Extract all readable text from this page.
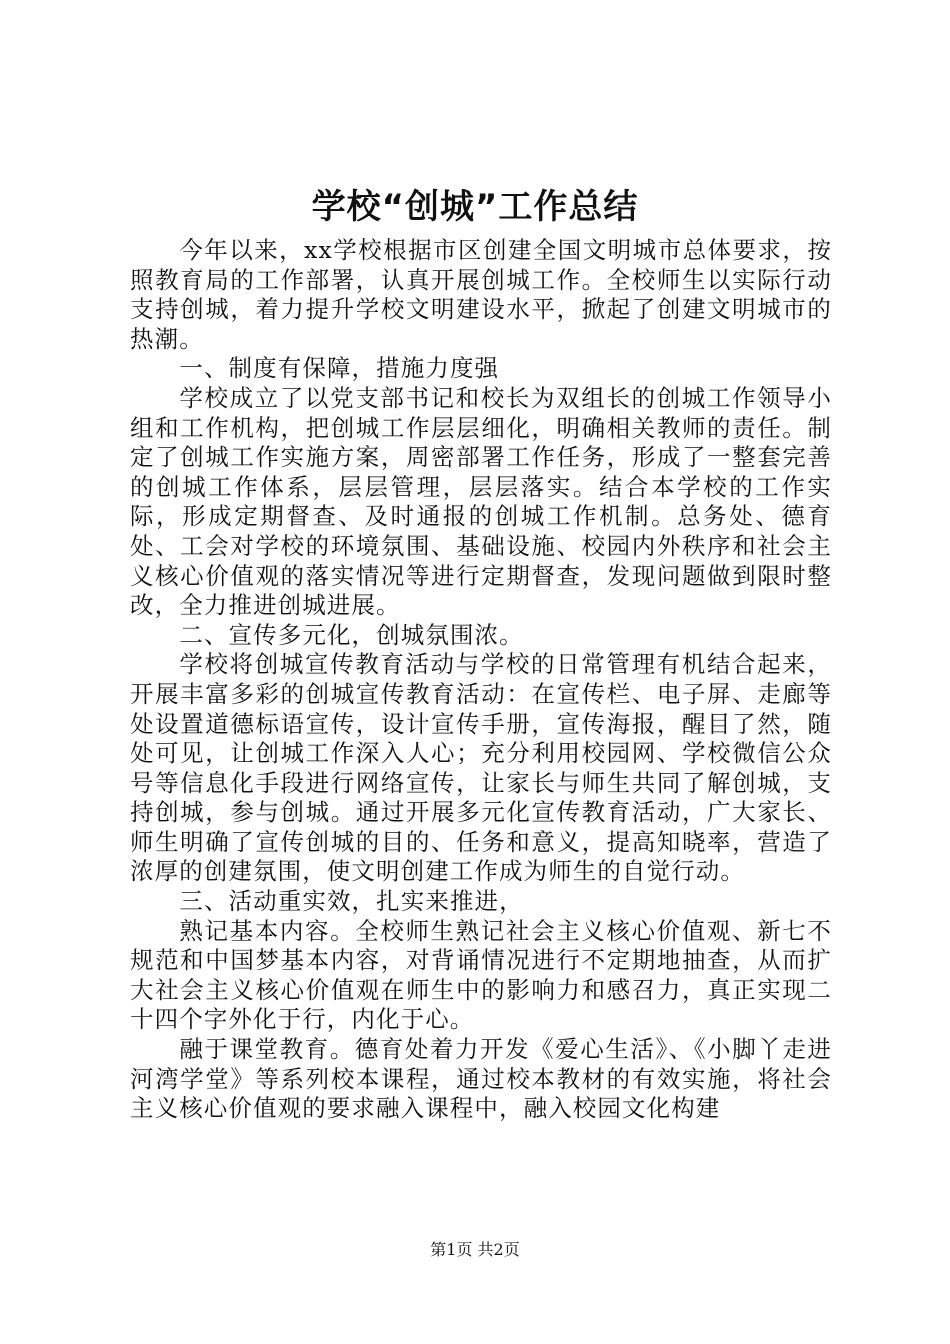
学校“创城”工作总结

今年以来，xx学校根据市区创建全国文明城市总体要求，按照教育局的工作部署，认真开展创城工作。全校师生以实际行动支持创城，着力提升学校文明建设水平，掀起了创建文明城市的热潮。

一、制度有保障，措施力度强

学校成立了以党支部书记和校长为双组长的创城工作领导小组和工作机构，把创城工作层层细化，明确相关教师的责任。制定了创城工作实施方案，周密部署工作任务，形成了一整套完善的创城工作体系，层层管理，层层落实。结合本学校的工作实际，形成定期督查、及时通报的创城工作机制。总务处、德育处、工会对学校的环境氛围、基础设施、校园内外秩序和社会主义核心价值观的落实情况等进行定期督查，发现问题做到限时整改，全力推进创城进展。

二、宣传多元化，创城氛围浓。

学校将创城宣传教育活动与学校的日常管理有机结合起来，开展丰富多彩的创城宣传教育活动：在宣传栏、电子屏、走廊等处设置道德标语宣传，设计宣传手册，宣传海报，醒目了然，随处可见，让创城工作深入人心；充分利用校园网、学校微信公众号等信息化手段进行网络宣传，让家长与师生共同了解创城，支持创城，参与创城。通过开展多元化宣传教育活动，广大家长、师生明确了宣传创城的目的、任务和意义，提高知晓率，营造了浓厚的创建氛围，使文明创建工作成为师生的自觉行动。

三、活动重实效，扎实来推进，

熟记基本内容。全校师生熟记社会主义核心价值观、新七不规范和中国梦基本内容，对背诵情况进行不定期地抽查，从而扩大社会主义核心价值观在师生中的影响力和感召力，真正实现二十四个字外化于行，内化于心。

融于课堂教育。德育处着力开发《爱心生活》、《小脚丫走进河湾学堂》等系列校本课程，通过校本教材的有效实施，将社会主义核心价值观的要求融入课程中，融入校园文化构建

第1页 共2页
